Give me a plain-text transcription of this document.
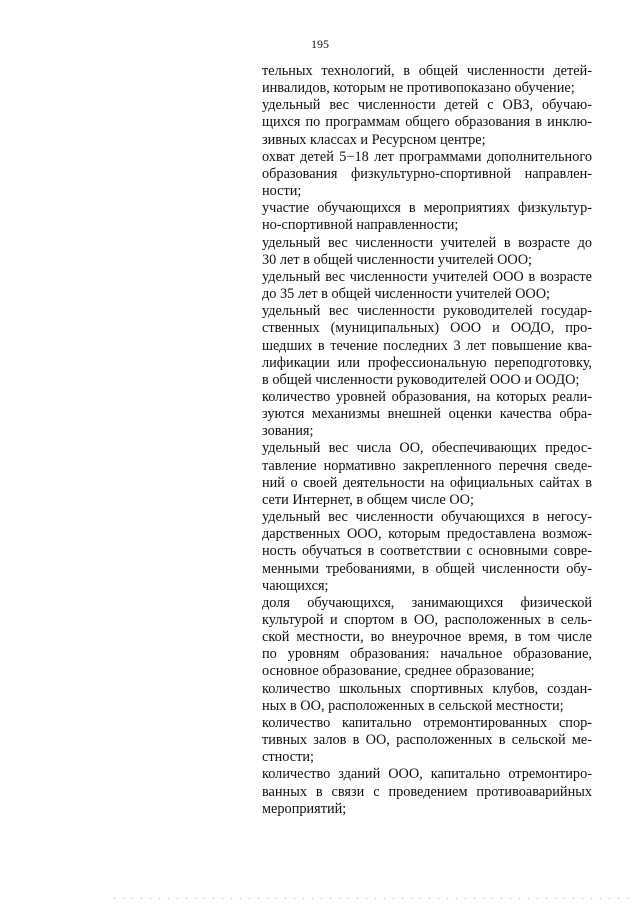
195
тельных технологий, в общей численности детей-
инвалидов, которым не противопоказано обучение;
удельный вес численности детей с ОВЗ, обучаю-
щихся по программам общего образования в инклю-
зивных классах и Ресурсном центре;
охват детей 5−18 лет программами дополнительного
образования физкультурно-спортивной направлен-
ности;
участие обучающихся в мероприятиях физкультур-
но-спортивной направленности;
удельный вес численности учителей в возрасте до
30 лет в общей численности учителей ООО;
удельный вес численности учителей ООО в возрасте
до 35 лет в общей численности учителей ООО;
удельный вес численности руководителей государ-
ственных (муниципальных) ООО и ООДО, про-
шедших в течение последних 3 лет повышение ква-
лификации или профессиональную переподготовку,
в общей численности руководителей ООО и ООДО;
количество уровней образования, на которых реали-
зуются механизмы внешней оценки качества обра-
зования;
удельный вес числа ОО, обеспечивающих предос-
тавление нормативно закрепленного перечня сведе-
ний о своей деятельности на официальных сайтах в
сети Интернет, в общем числе ОО;
удельный вес численности обучающихся в негосу-
дарственных ООО, которым предоставлена возмож-
ность обучаться в соответствии с основными совре-
менными требованиями, в общей численности обу-
чающихся;
доля обучающихся, занимающихся физической
культурой и спортом в ОО, расположенных в сель-
ской местности, во внеурочное время, в том числе
по уровням образования: начальное образование,
основное образование, среднее образование;
количество школьных спортивных клубов, создан-
ных в ОО, расположенных в сельской местности;
количество капитально отремонтированных спор-
тивных залов в ОО, расположенных в сельской ме-
стности;
количество зданий ООО, капитально отремонтиро-
ванных в связи с проведением противоаварийных
мероприятий;
